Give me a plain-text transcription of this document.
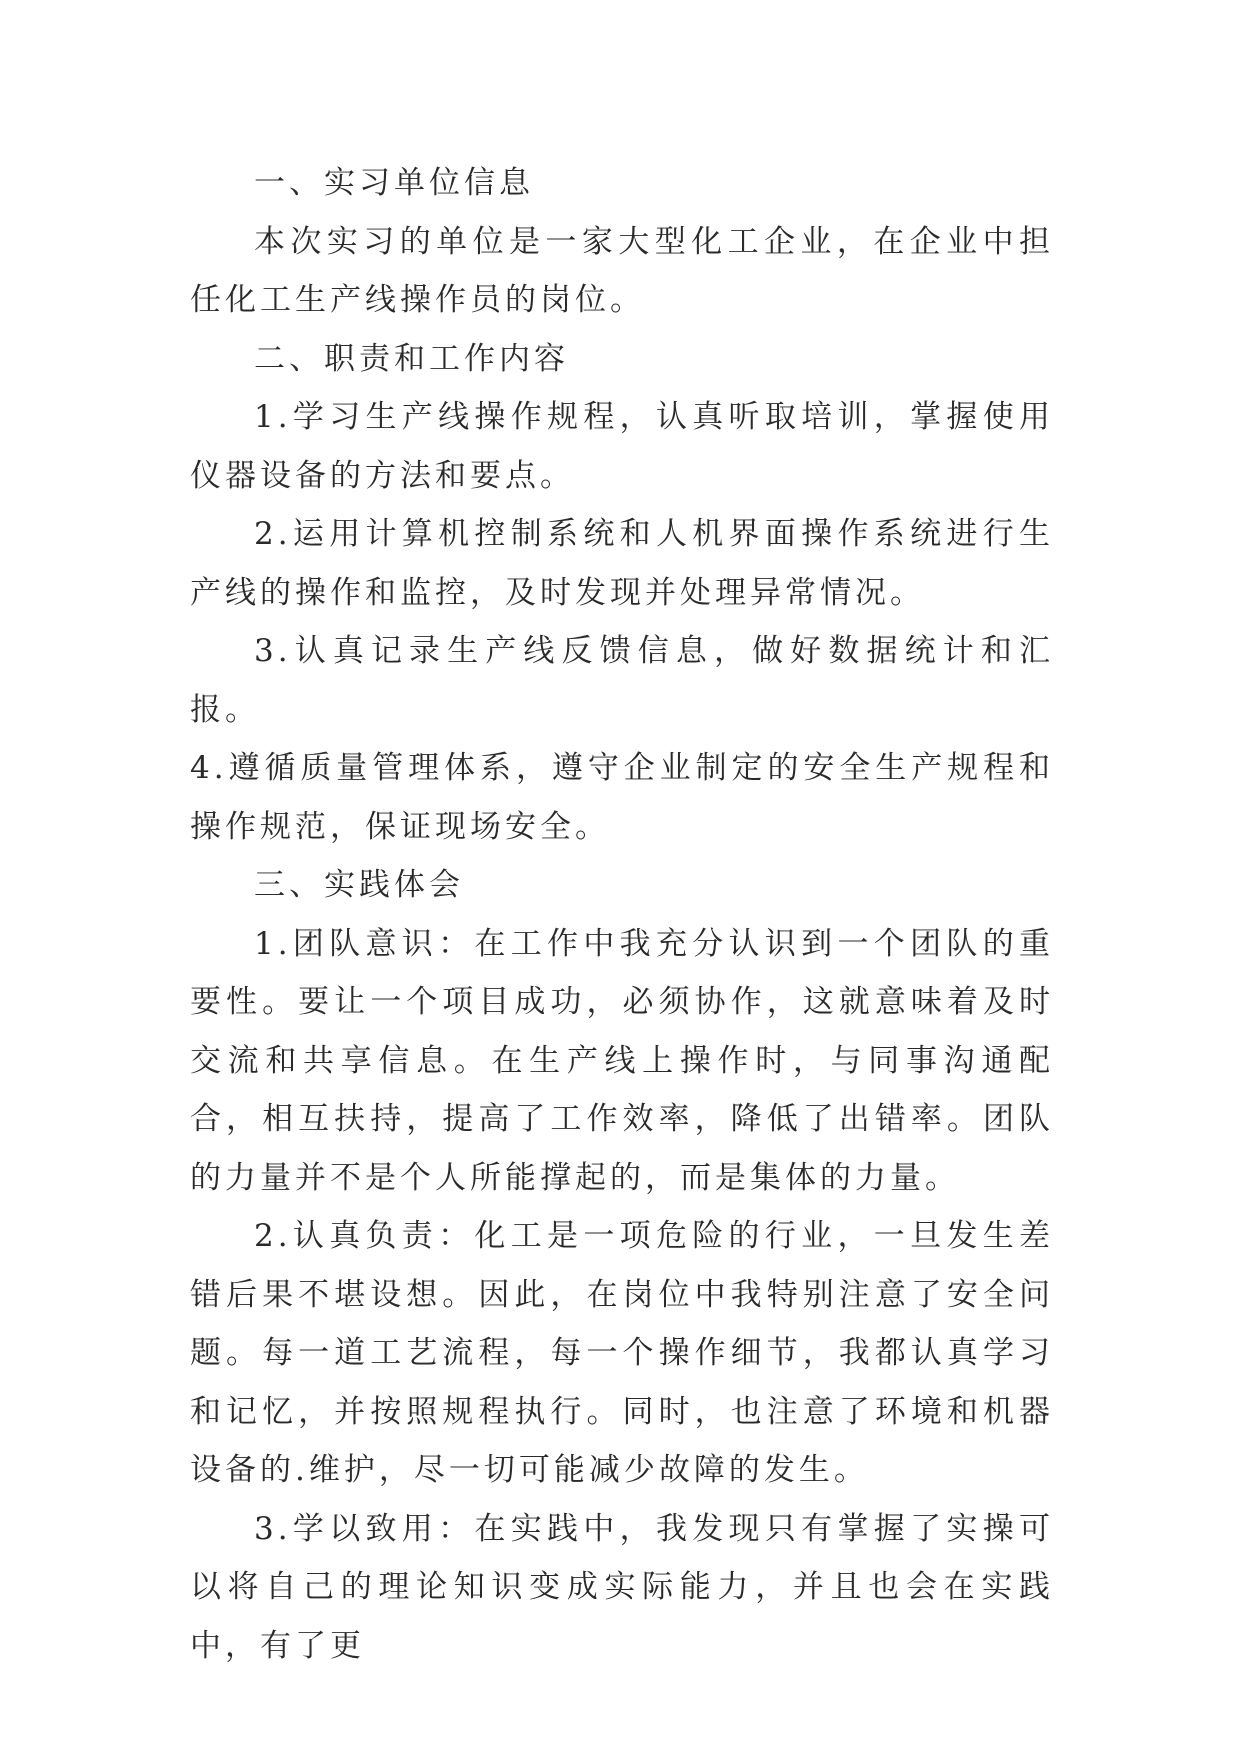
一、实习单位信息

本次实习的单位是一家大型化工企业，在企业中担任化工生产线操作员的岗位。

二、职责和工作内容

1.学习生产线操作规程，认真听取培训，掌握使用仪器设备的方法和要点。

2.运用计算机控制系统和人机界面操作系统进行生产线的操作和监控，及时发现并处理异常情况。

3.认真记录生产线反馈信息，做好数据统计和汇报。

4.遵循质量管理体系，遵守企业制定的安全生产规程和操作规范，保证现场安全。

三、实践体会

1.团队意识：在工作中我充分认识到一个团队的重要性。要让一个项目成功，必须协作，这就意味着及时交流和共享信息。在生产线上操作时，与同事沟通配合，相互扶持，提高了工作效率，降低了出错率。团队的力量并不是个人所能撑起的，而是集体的力量。

2.认真负责：化工是一项危险的行业，一旦发生差错后果不堪设想。因此，在岗位中我特别注意了安全问题。每一道工艺流程，每一个操作细节，我都认真学习和记忆，并按照规程执行。同时，也注意了环境和机器设备的.维护，尽一切可能减少故障的发生。

3.学以致用：在实践中，我发现只有掌握了实操可以将自己的理论知识变成实际能力，并且也会在实践中，有了更
